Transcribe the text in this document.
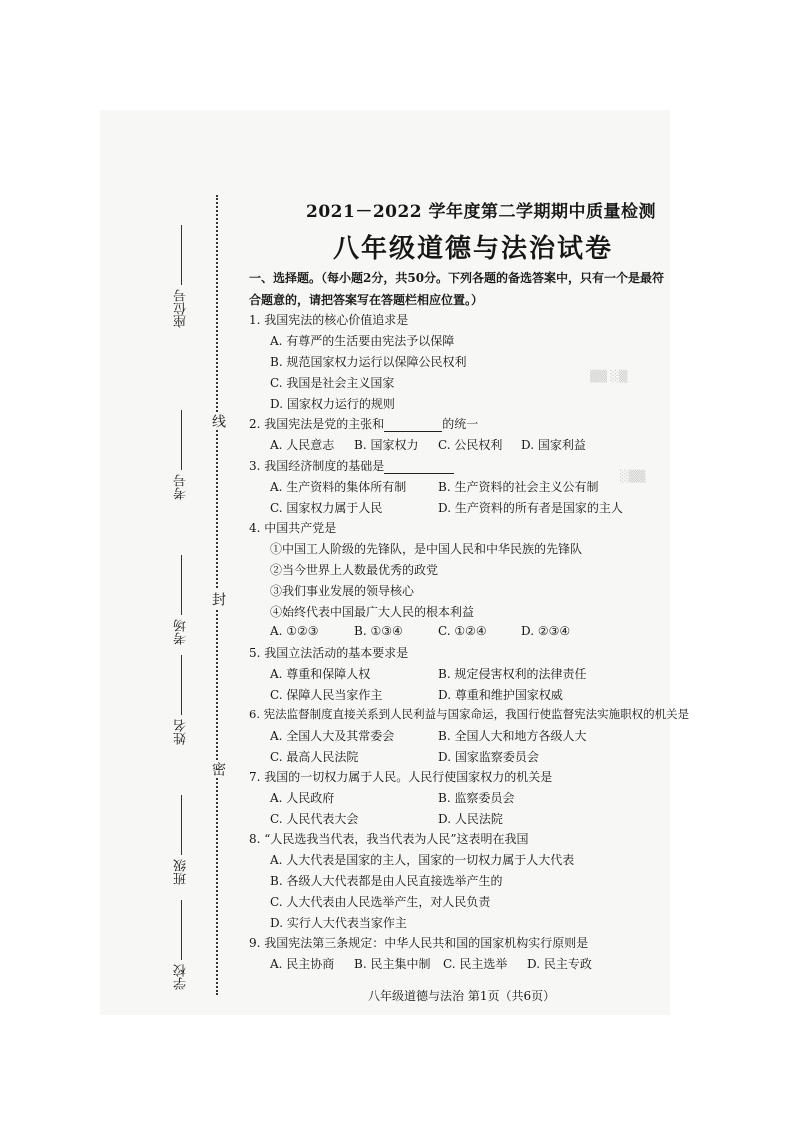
线
封
密
座位号
考号
考场
姓名
班级
学校
▒▒ ░▒
░▒▒
2021－2022 学年度第二学期期中质量检测
八年级道德与法治试卷
一、选择题。（每小题2分，共50分。下列各题的备选答案中，只有一个是最符合题意的，请把答案写在答题栏相应位置。）
1. 我国宪法的核心价值追求是
A. 有尊严的生活要由宪法予以保障
B. 规范国家权力运行以保障公民权利
C. 我国是社会主义国家
D. 国家权力运行的规则
2. 我国宪法是党的主张和	的统一
A. 人民意志 B. 国家权力 C. 公民权利 D. 国家利益
3. 我国经济制度的基础是
A. 生产资料的集体所有制	B. 生产资料的社会主义公有制
C. 国家权力属于人民	D. 生产资料的所有者是国家的主人
4. 中国共产党是
①中国工人阶级的先锋队，是中国人民和中华民族的先锋队
②当今世界上人数最优秀的政党
③我们事业发展的领导核心
④始终代表中国最广大人民的根本利益
A. ①②③	B. ①③④	C. ①②④	D. ②③④
5. 我国立法活动的基本要求是
A. 尊重和保障人权	B. 规定侵害权利的法律责任
C. 保障人民当家作主	D. 尊重和维护国家权威
6. 宪法监督制度直接关系到人民利益与国家命运，我国行使监督宪法实施职权的机关是
A. 全国人大及其常委会	B. 全国人大和地方各级人大
C. 最高人民法院	D. 国家监察委员会
7. 我国的一切权力属于人民。人民行使国家权力的机关是
A. 人民政府	B. 监察委员会
C. 人民代表大会	D. 人民法院
8. “人民选我当代表，我当代表为人民”这表明在我国
A. 人大代表是国家的主人，国家的一切权力属于人大代表
B. 各级人大代表都是由人民直接选举产生的
C. 人大代表由人民选举产生，对人民负责
D. 实行人大代表当家作主
9. 我国宪法第三条规定：中华人民共和国的国家机构实行原则是
A. 民主协商 B. 民主集中制 C. 民主选举 D. 民主专政
八年级道德与法治 第1页（共6页）
